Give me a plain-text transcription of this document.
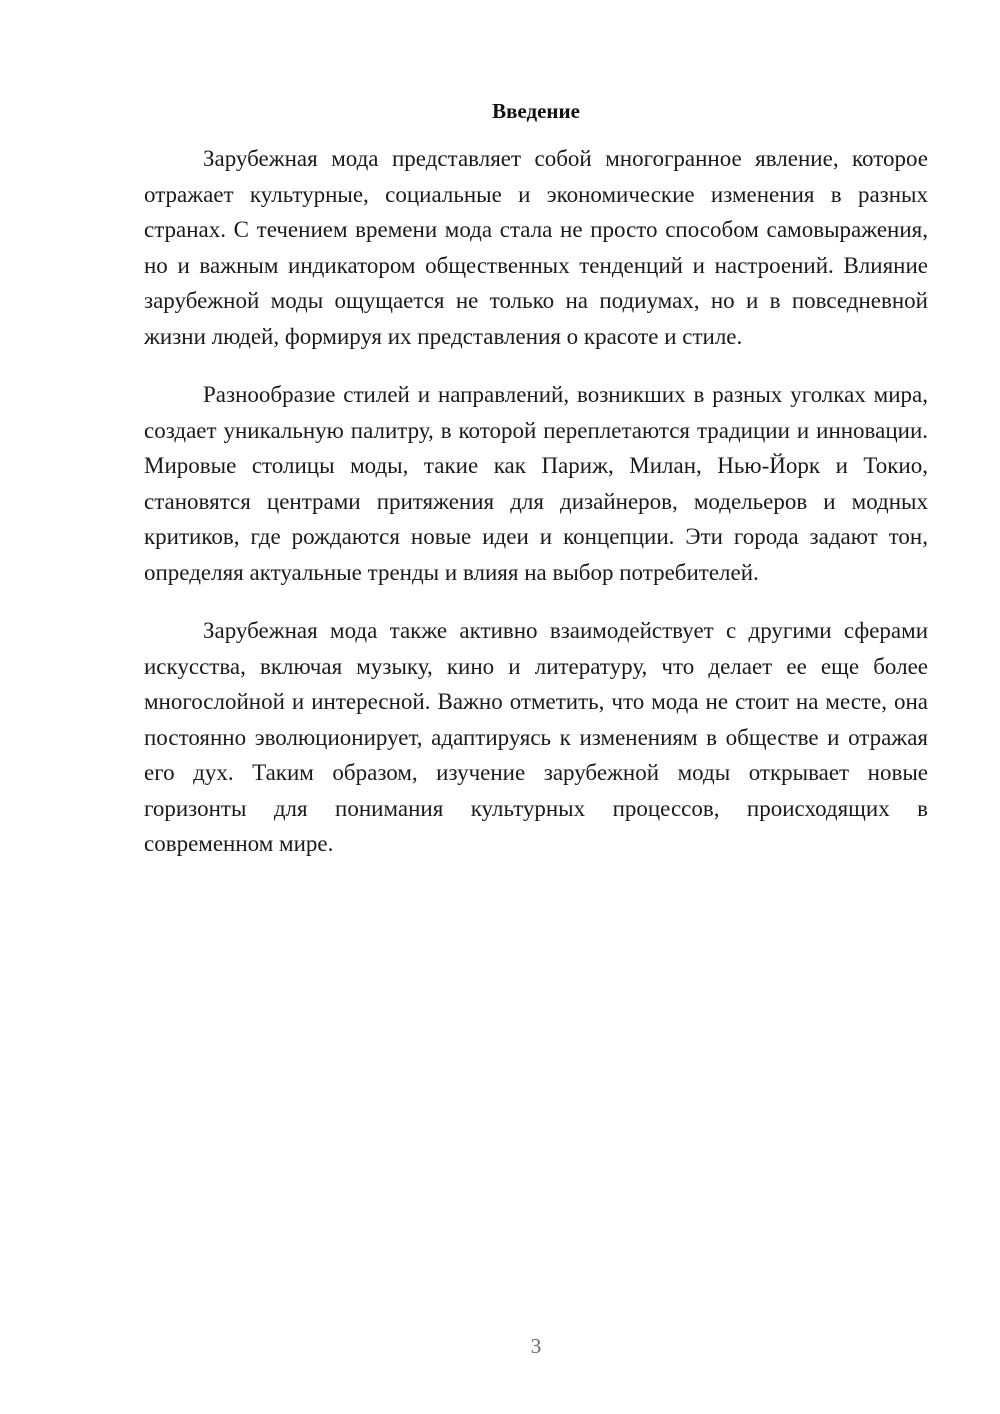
Введение

Зарубежная мода представляет собой многогранное явление, которое отражает культурные, социальные и экономические изменения в разных странах. С течением времени мода стала не просто способом самовыражения, но и важным индикатором общественных тенденций и настроений. Влияние зарубежной моды ощущается не только на подиумах, но и в повседневной жизни людей, формируя их представления о красоте и стиле.

Разнообразие стилей и направлений, возникших в разных уголках мира, создает уникальную палитру, в которой переплетаются традиции и инновации. Мировые столицы моды, такие как Париж, Милан, Нью-Йорк и Токио, становятся центрами притяжения для дизайнеров, модельеров и модных критиков, где рождаются новые идеи и концепции. Эти города задают тон, определяя актуальные тренды и влияя на выбор потребителей.

Зарубежная мода также активно взаимодействует с другими сферами искусства, включая музыку, кино и литературу, что делает ее еще более многослойной и интересной. Важно отметить, что мода не стоит на месте, она постоянно эволюционирует, адаптируясь к изменениям в обществе и отражая его дух. Таким образом, изучение зарубежной моды открывает новые горизонты для понимания культурных процессов, происходящих в современном мире.

3
